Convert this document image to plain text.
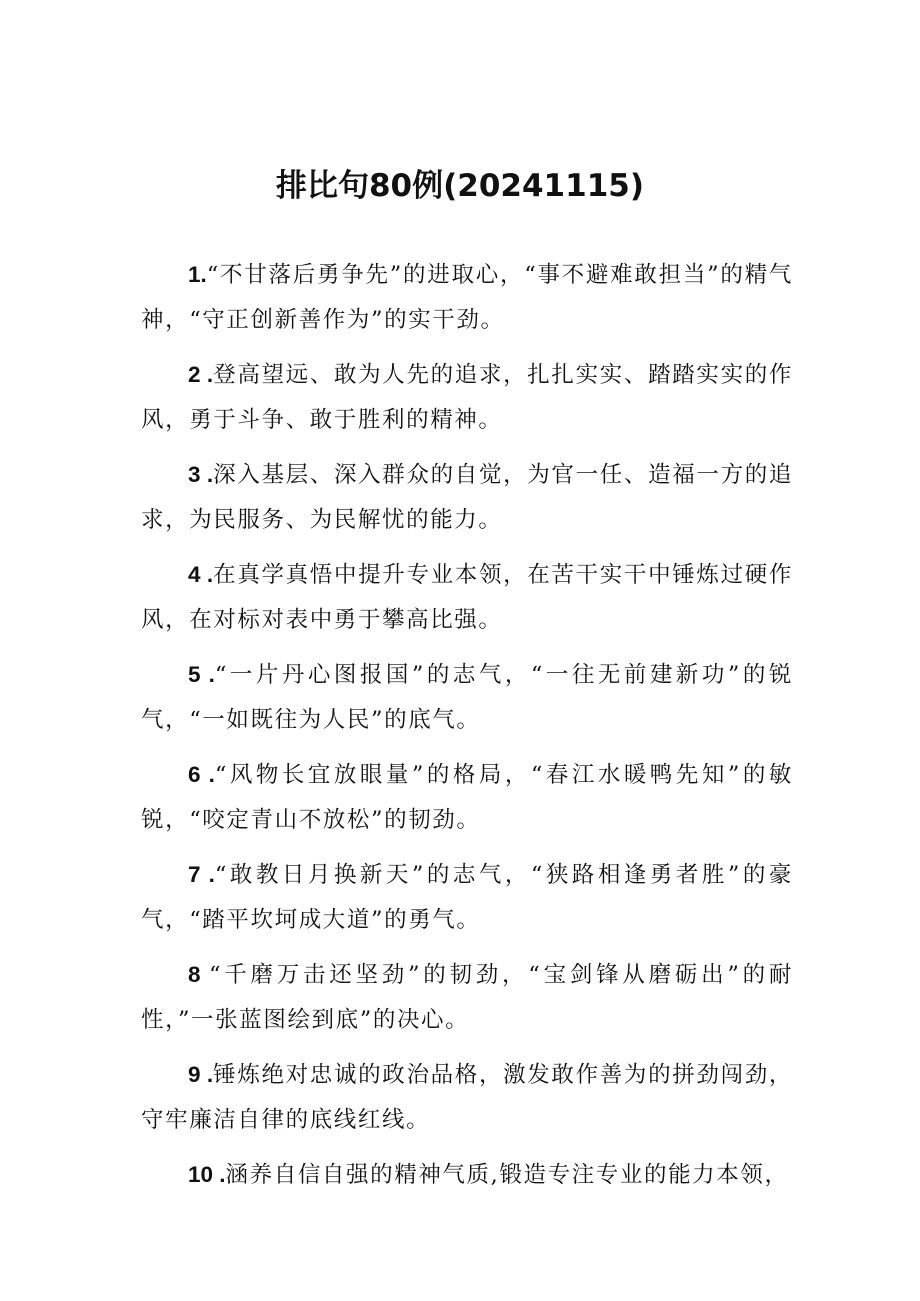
排比句80例(20241115)

1.“不甘落后勇争先”的进取心，“事不避难敢担当”的精气神，“守正创新善作为”的实干劲。

2 .登高望远、敢为人先的追求，扎扎实实、踏踏实实的作风，勇于斗争、敢于胜利的精神。

3 .深入基层、深入群众的自觉，为官一任、造福一方的追求，为民服务、为民解忧的能力。

4 .在真学真悟中提升专业本领，在苦干实干中锤炼过硬作风，在对标对表中勇于攀高比强。

5 .“一片丹心图报国”的志气，“一往无前建新功”的锐气，“一如既往为人民”的底气。

6 .“风物长宜放眼量”的格局，“春江水暖鸭先知”的敏锐，“咬定青山不放松”的韧劲。

7 .“敢教日月换新天”的志气，“狭路相逢勇者胜”的豪气，“踏平坎坷成大道”的勇气。

8 “千磨万击还坚劲”的韧劲，“宝剑锋从磨砺出”的耐性，”一张蓝图绘到底”的决心。

9 .锤炼绝对忠诚的政治品格，激发敢作善为的拼劲闯劲，守牢廉洁自律的底线红线。

10 .涵养自信自强的精神气质,锻造专注专业的能力本领，
